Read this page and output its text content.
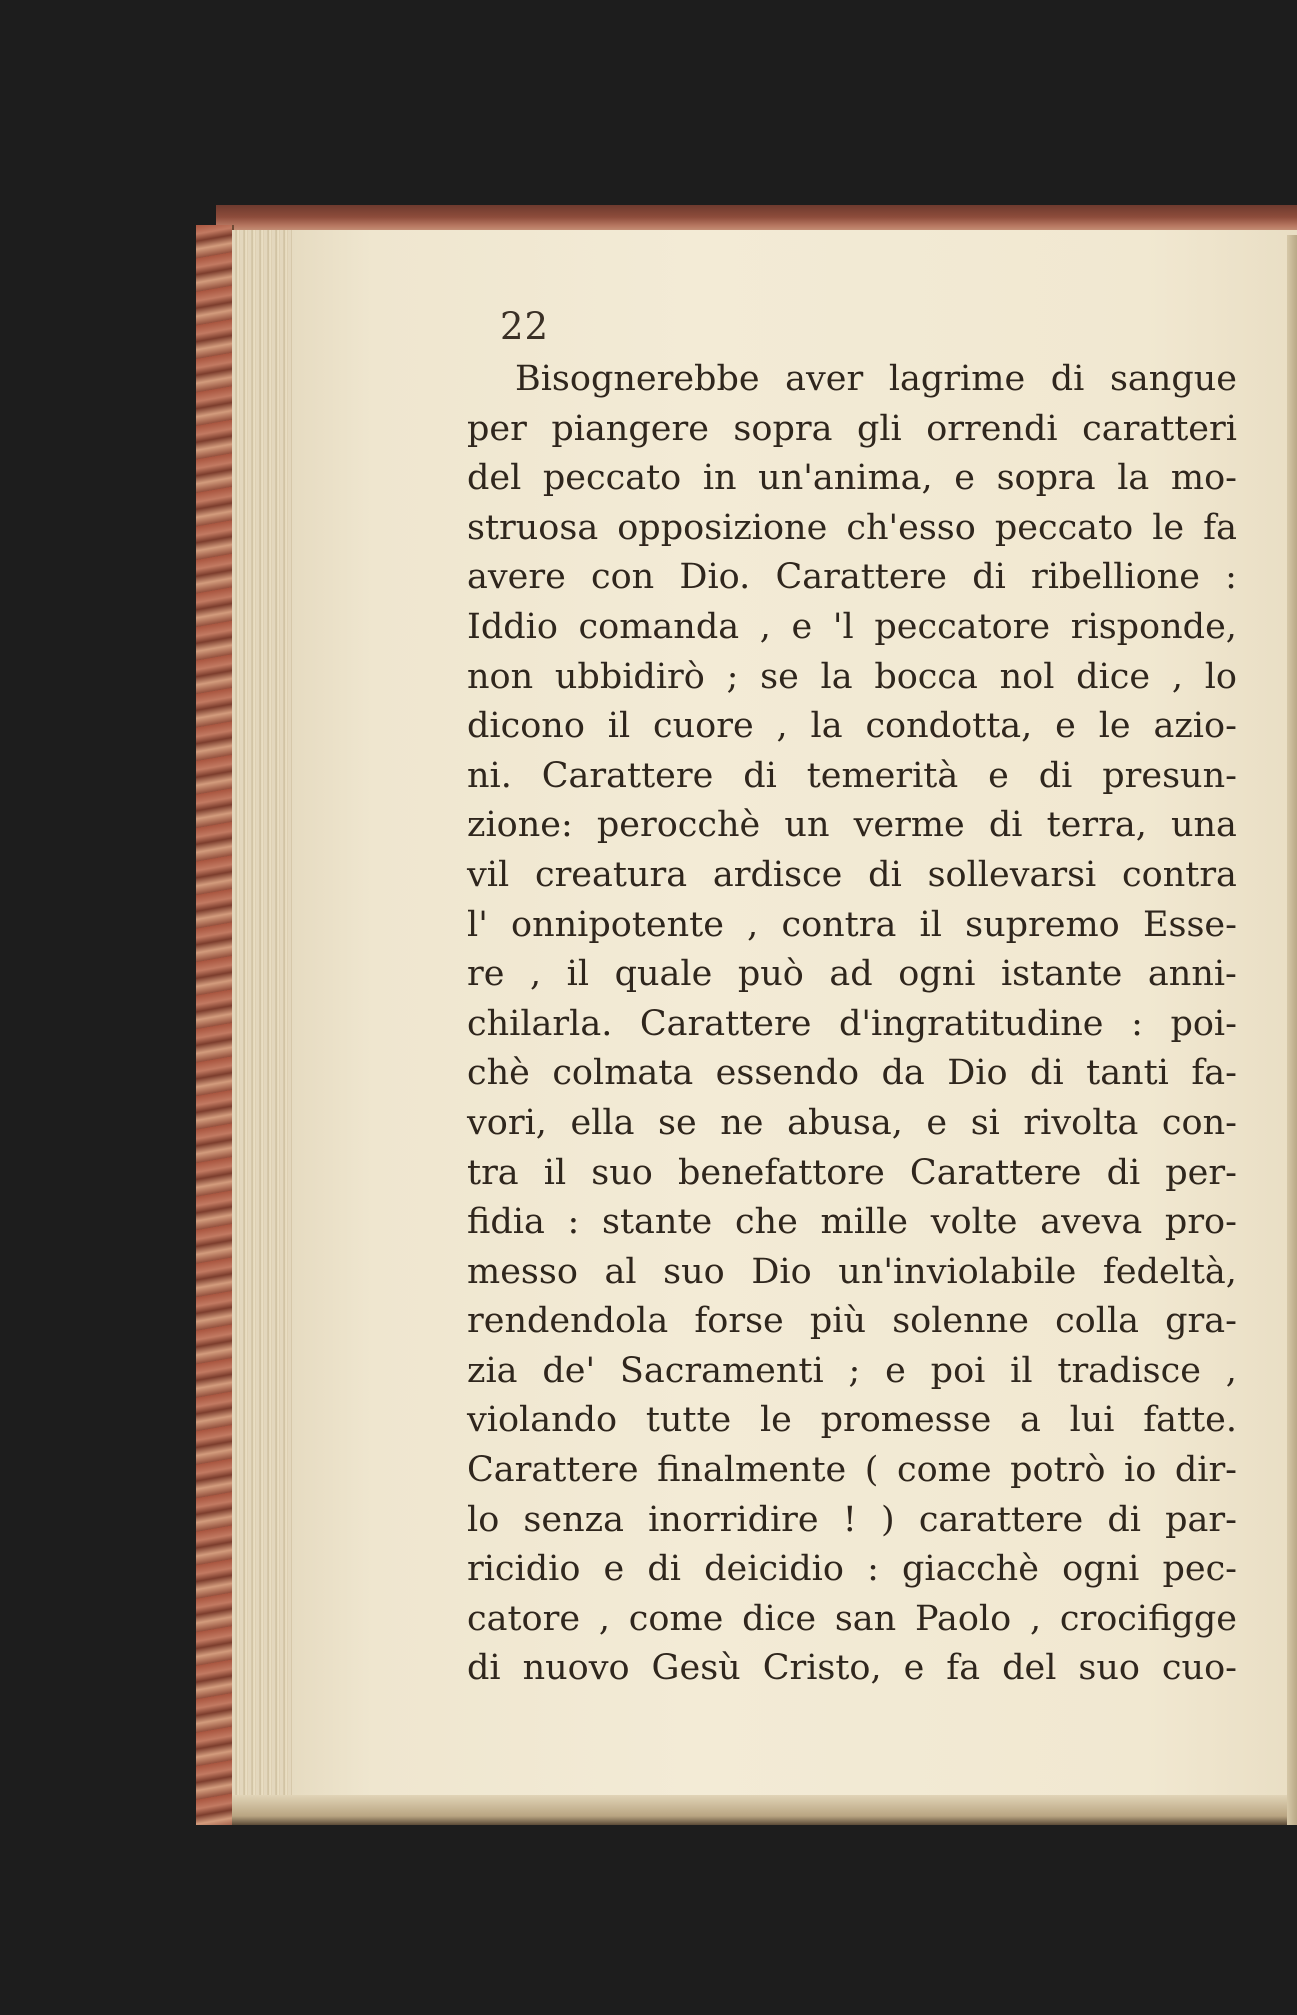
22
Bisognerebbe aver lagrime di sangue
per piangere sopra gli orrendi caratteri
del peccato in un'anima, e sopra la mo-
struosa opposizione ch'esso peccato le fa
avere con Dio. Carattere di ribellione :
Iddio comanda , e 'l peccatore risponde,
non ubbidirò ; se la bocca nol dice , lo
dicono il cuore , la condotta, e le azio-
ni. Carattere di temerità e di presun-
zione: perocchè un verme di terra, una
vil creatura ardisce di sollevarsi contra
l' onnipotente , contra il supremo Esse-
re , il quale può ad ogni istante anni-
chilarla. Carattere d'ingratitudine : poi-
chè colmata essendo da Dio di tanti fa-
vori, ella se ne abusa, e si rivolta con-
tra il suo benefattore Carattere di per-
fidia : stante che mille volte aveva pro-
messo al suo Dio un'inviolabile fedeltà,
rendendola forse più solenne colla gra-
zia de' Sacramenti ; e poi il tradisce ,
violando tutte le promesse a lui fatte.
Carattere finalmente ( come potrò io dir-
lo senza inorridire ! ) carattere di par-
ricidio e di deicidio : giacchè ogni pec-
catore , come dice san Paolo , crocifigge
di nuovo Gesù Cristo, e fa del suo cuo-
